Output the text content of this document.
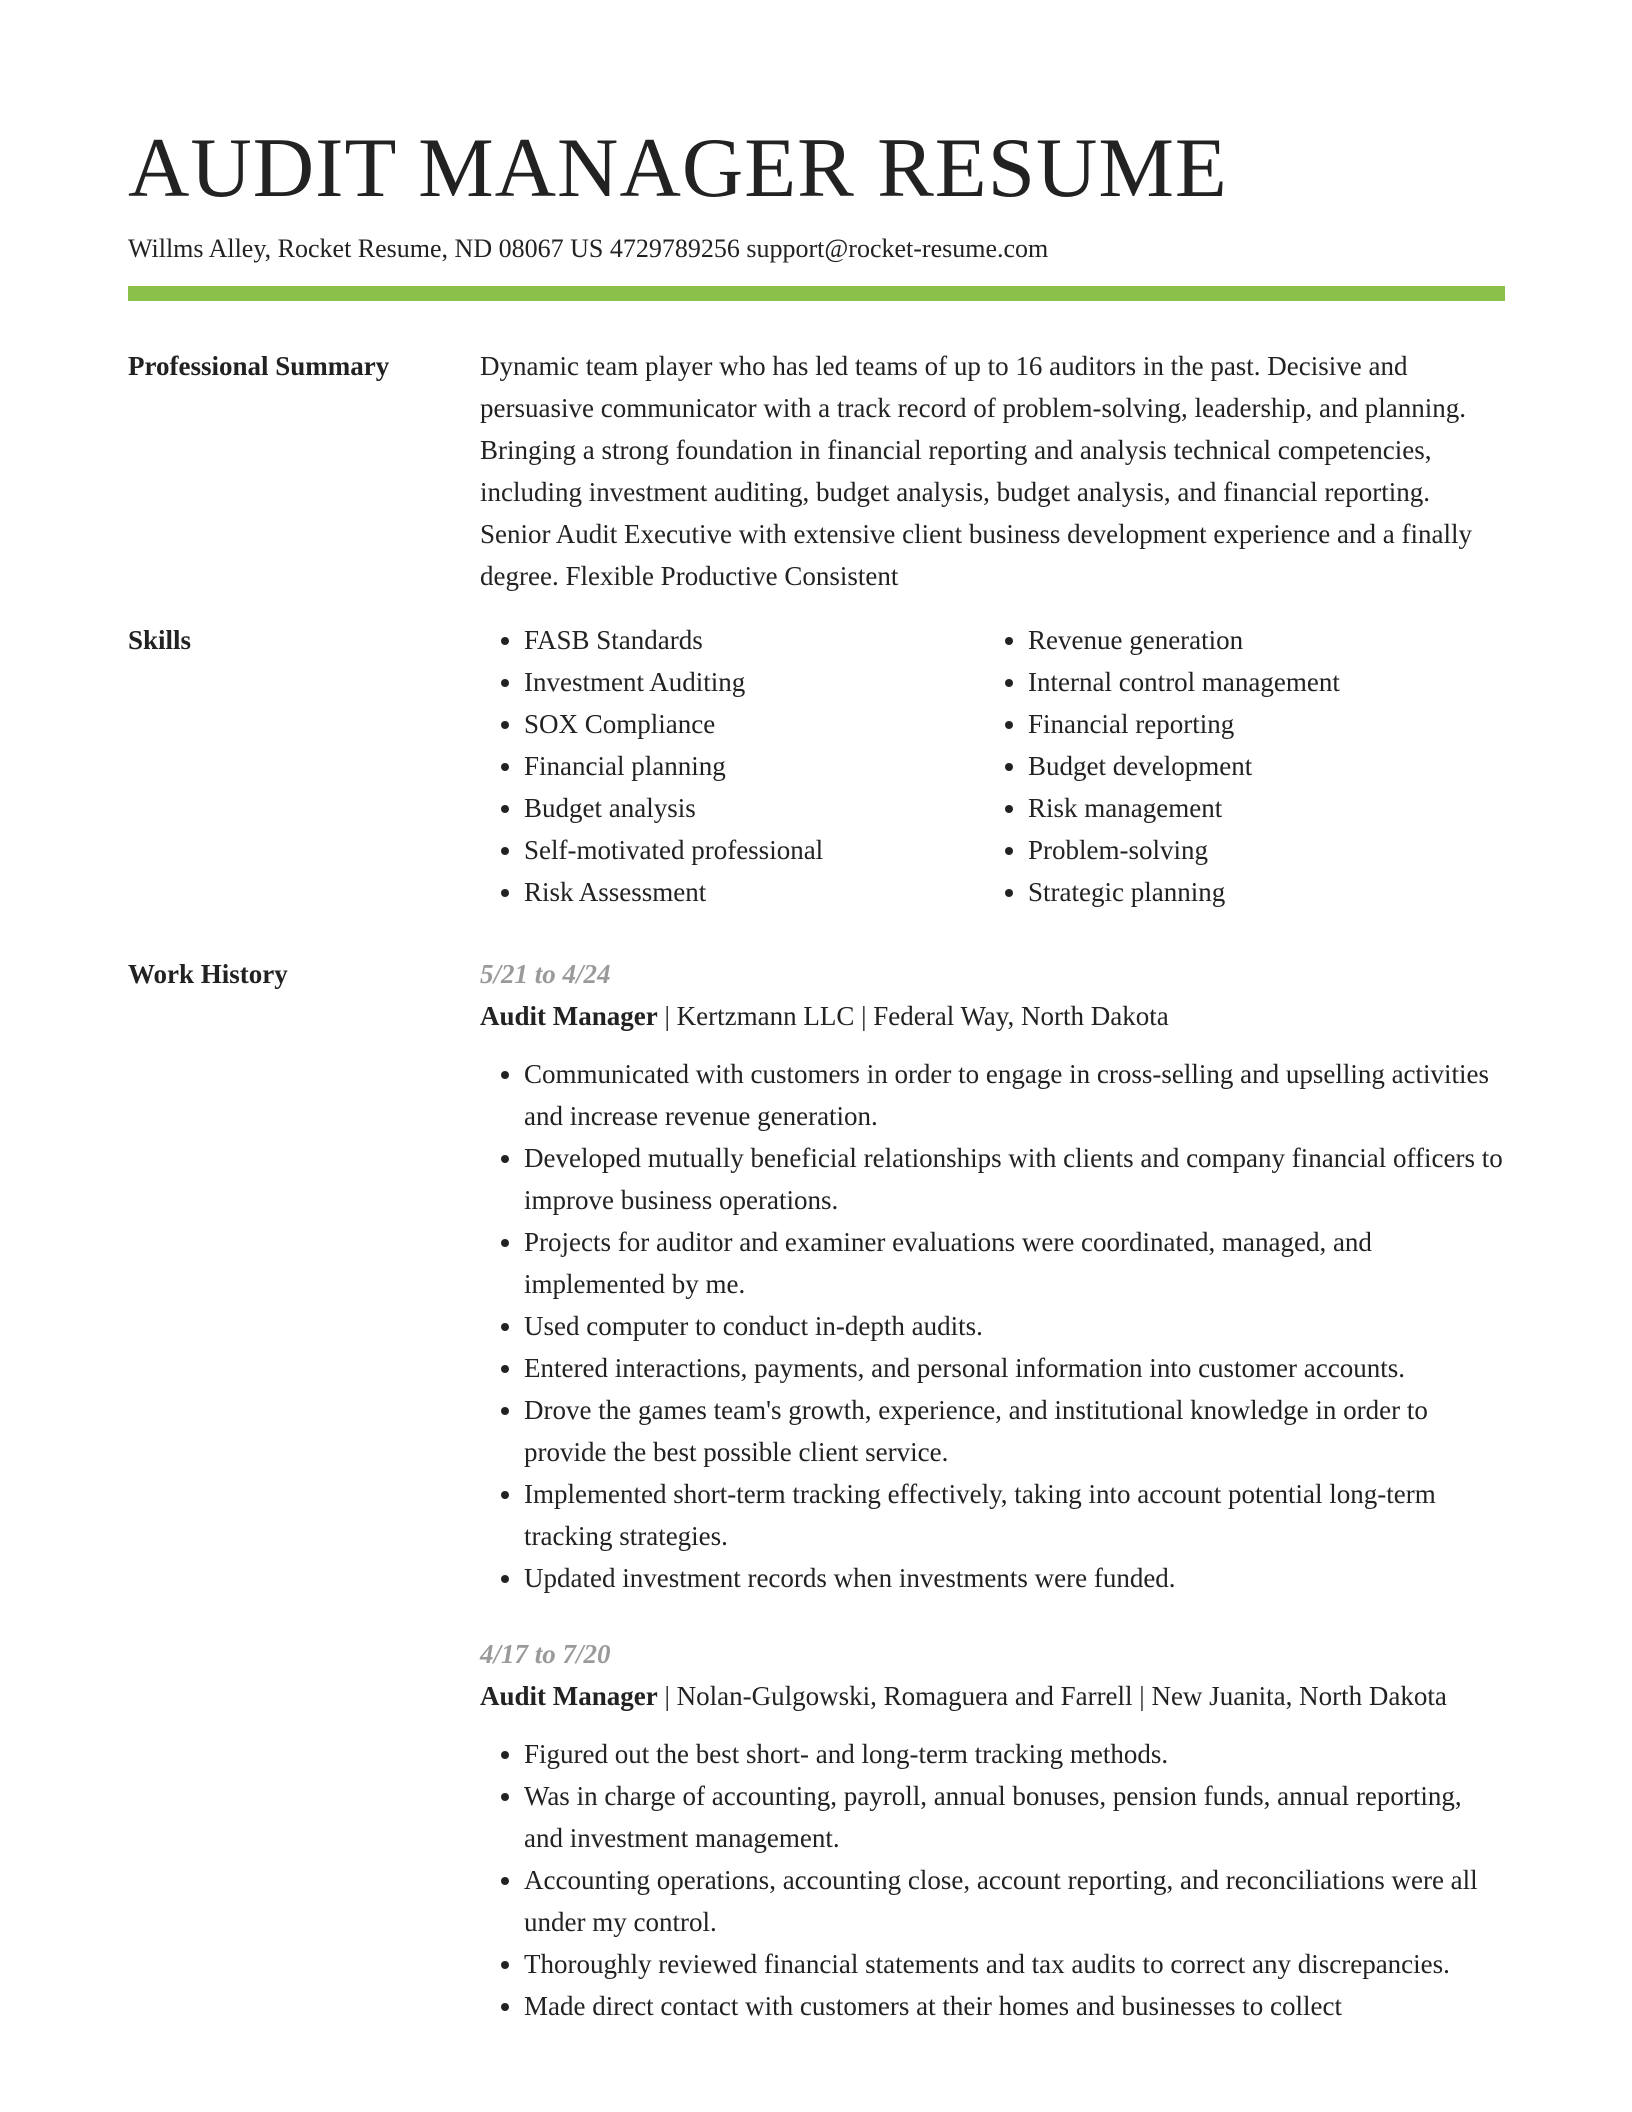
AUDIT MANAGER RESUME
Willms Alley, Rocket Resume, ND 08067 US 4729789256 support@rocket-resume.com
Professional Summary	Dynamic team player who has led teams of up to 16 auditors in the past. Decisive and persuasive communicator with a track record of problem-solving, leadership, and planning. Bringing a strong foundation in financial reporting and analysis technical competencies, including investment auditing, budget analysis, budget analysis, and financial reporting. Senior Audit Executive with extensive client business development experience and a finally degree. Flexible Productive Consistent

Skills
•	FASB Standards
• Investment Auditing
• SOX Compliance
• Financial planning
• Budget analysis
• Self-motivated professional
• Risk Assessment
• Revenue generation
• Internal control management
• Financial reporting
• Budget development
• Risk management
• Problem-solving
• Strategic planning
Work History	5/21 to 4/24
Audit Manager | Kertzmann LLC | Federal Way, North Dakota
• Communicated with customers in order to engage in cross-selling and upselling activities and increase revenue generation.
• Developed mutually beneficial relationships with clients and company financial officers to improve business operations.
• Projects for auditor and examiner evaluations were coordinated, managed, and implemented by me.
• Used computer to conduct in-depth audits.
• Entered interactions, payments, and personal information into customer accounts.
• Drove the games team's growth, experience, and institutional knowledge in order to provide the best possible client service.
• Implemented short-term tracking effectively, taking into account potential long-term tracking strategies.
• Updated investment records when investments were funded.
4/17 to 7/20
Audit Manager | Nolan-Gulgowski, Romaguera and Farrell | New Juanita, North Dakota
• Figured out the best short- and long-term tracking methods.
• Was in charge of accounting, payroll, annual bonuses, pension funds, annual reporting, and investment management.
• Accounting operations, accounting close, account reporting, and reconciliations were all under my control.
• Thoroughly reviewed financial statements and tax audits to correct any discrepancies.
• Made direct contact with customers at their homes and businesses to collect
